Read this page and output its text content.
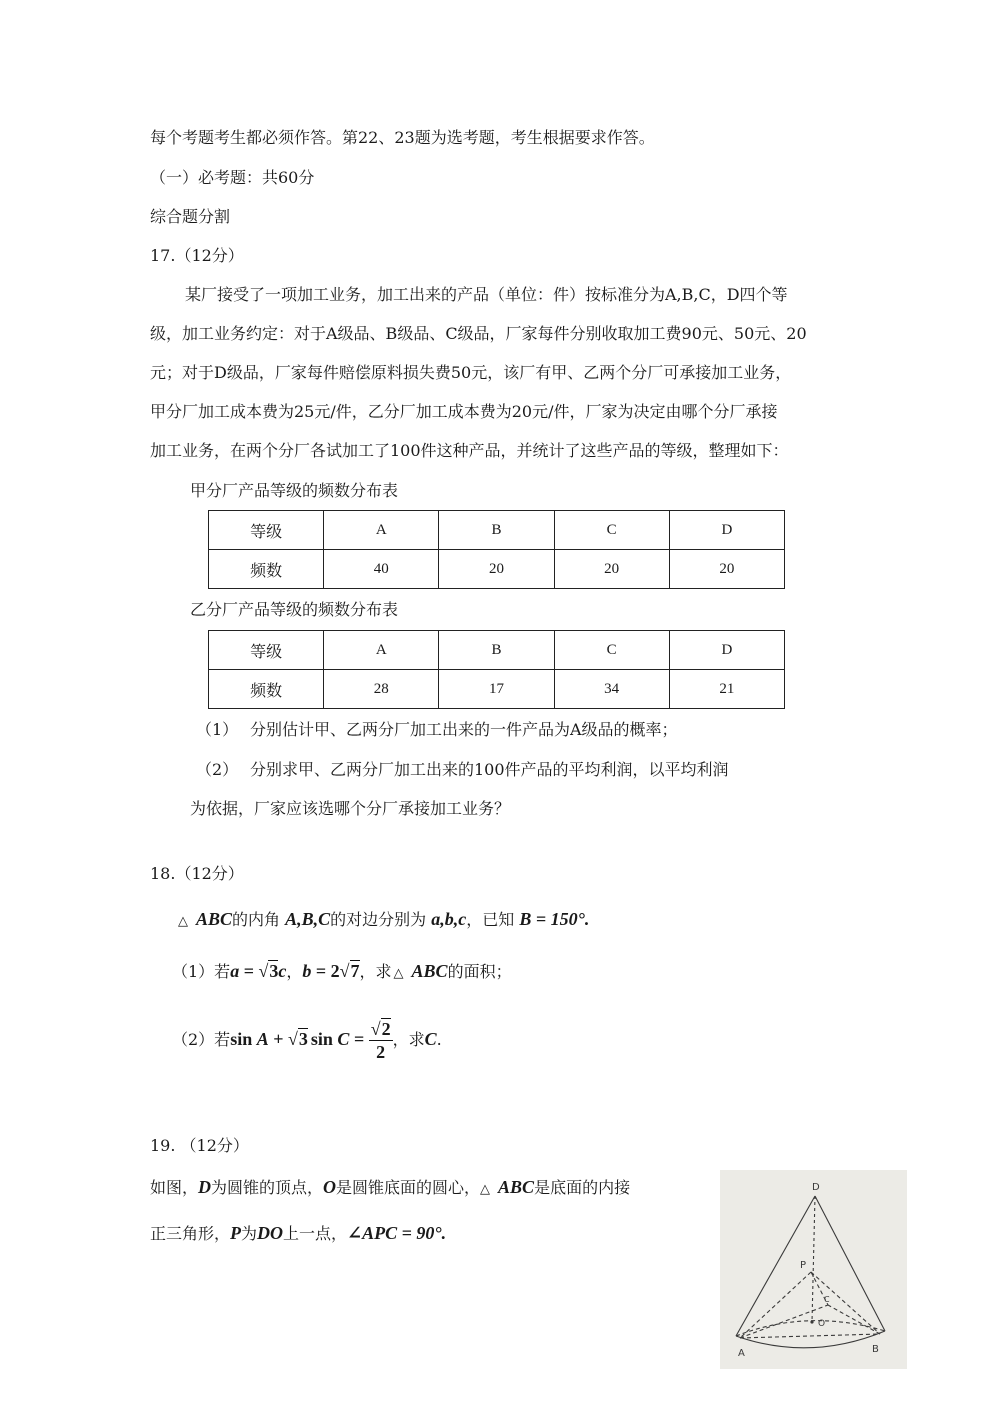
每个考题考生都必须作答。第22、23题为选考题，考生根据要求作答。
（一）必考题：共60分
综合题分割
17.（12分）
某厂接受了一项加工业务，加工出来的产品（单位：件）按标准分为A,B,C，D四个等
级，加工业务约定：对于A级品、B级品、C级品，厂家每件分别收取加工费90元、50元、20
元；对于D级品，厂家每件赔偿原料损失费50元，该厂有甲、乙两个分厂可承接加工业务，
甲分厂加工成本费为25元/件，乙分厂加工成本费为20元/件，厂家为决定由哪个分厂承接
加工业务，在两个分厂各试加工了100件这种产品，并统计了这些产品的等级，整理如下：
甲分厂产品等级的频数分布表
等级	A	B	C	D
频数	40	20	20	20
乙分厂产品等级的频数分布表
等级	A	B	C	D
频数	28	17	34	21
（1） 分别估计甲、乙两分厂加工出来的一件产品为A级品的概率；
（2） 分别求甲、乙两分厂加工出来的100件产品的平均利润，以平均利润
为依据，厂家应该选哪个分厂承接加工业务？
18.（12分）
△ ABC的内角 A,B,C的对边分别为 a,b,c，已知 B = 150°.
（1）若a = √3c，b = 2√7，求 △ ABC的面积；
（2）若sin A + √3 $\sin C = \frac{√2}{2}$ ，求C.
19. （12分）
如图，D为圆锥的顶点，O是圆锥底面的圆心，△ ABC是底面的内接
正三角形，P为DO上一点，∠APC = 90°.
D
P
C
O
A	B
